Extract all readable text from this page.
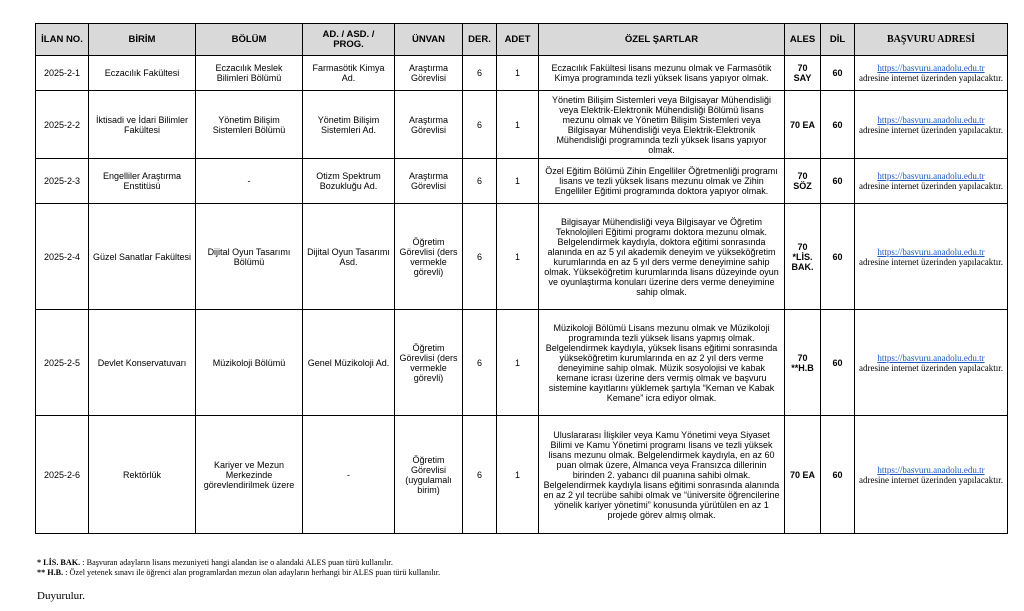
İLAN NO.	BİRİM	BÖLÜM	AD. / ASD. / PROG.	ÜNVAN	DER.	ADET	ÖZEL ŞARTLAR	ALES	DİL	BAŞVURU ADRESİ
2025-2-1	Eczacılık Fakültesi	Eczacılık Meslek Bilimleri Bölümü	Farmasötik Kimya Ad.	Araştırma Görevlisi	6	1	Eczacılık Fakültesi lisans mezunu olmak ve Farmasötik Kimya programında tezli yüksek lisans yapıyor olmak.	70 SAY	60	https://basvuru.anadolu.edu.tr
adresine internet üzerinden yapılacaktır.
2025-2-2	İktisadi ve İdari Bilimler Fakültesi	Yönetim Bilişim Sistemleri Bölümü	Yönetim Bilişim Sistemleri Ad.	Araştırma Görevlisi	6	1	Yönetim Bilişim Sistemleri veya Bilgisayar Mühendisliği veya Elektrik-Elektronik Mühendisliği Bölümü lisans mezunu olmak ve Yönetim Bilişim Sistemleri veya Bilgisayar Mühendisliği veya Elektrik-Elektronik Mühendisliği programında tezli yüksek lisans yapıyor olmak.	70 EA	60	https://basvuru.anadolu.edu.tr
adresine internet üzerinden yapılacaktır.
2025-2-3	Engelliler Araştırma Enstitüsü	-	Otizm Spektrum Bozukluğu Ad.	Araştırma Görevlisi	6	1	Özel Eğitim Bölümü Zihin Engelliler Öğretmenliği programı lisans ve tezli yüksek lisans mezunu olmak ve Zihin Engelliler Eğitimi programında doktora yapıyor olmak.	70 SÖZ	60	https://basvuru.anadolu.edu.tr
adresine internet üzerinden yapılacaktır.
2025-2-4	Güzel Sanatlar Fakültesi	Dijital Oyun Tasarımı Bölümü	Dijital Oyun Tasarımı Asd.	Öğretim Görevlisi (ders vermekle görevli)	6	1	Bilgisayar Mühendisliği veya Bilgisayar ve Öğretim Teknolojileri Eğitimi programı doktora mezunu olmak. Belgelendirmek kaydıyla, doktora eğitimi sonrasında alanında en az 5 yıl akademik deneyim ve yükseköğretim kurumlarında en az 5 yıl ders verme deneyimine sahip olmak. Yükseköğretim kurumlarında lisans düzeyinde oyun ve oyunlaştırma konuları üzerine ders verme deneyimine sahip olmak.	70 *LİS. BAK.	60	https://basvuru.anadolu.edu.tr
adresine internet üzerinden yapılacaktır.
2025-2-5	Devlet Konservatuvarı	Müzikoloji Bölümü	Genel Müzikoloji Ad.	Öğretim Görevlisi (ders vermekle görevli)	6	1	Müzikoloji Bölümü Lisans mezunu olmak ve Müzikoloji programında tezli yüksek lisans yapmış olmak. Belgelendirmek kaydıyla, yüksek lisans eğitimi sonrasında yükseköğretim kurumlarında en az 2 yıl ders verme deneyimine sahip olmak. Müzik sosyolojisi ve kabak kemane icrası üzerine ders vermiş olmak ve başvuru sistemine kayıtlarını yüklemek şartıyla “Keman ve Kabak Kemane” icra ediyor olmak.	70 **H.B	60	https://basvuru.anadolu.edu.tr
adresine internet üzerinden yapılacaktır.
2025-2-6	Rektörlük	Kariyer ve Mezun Merkezinde görevlendirilmek üzere	-	Öğretim Görevlisi (uygulamalı birim)	6	1	Uluslararası İlişkiler veya Kamu Yönetimi veya Siyaset Bilimi ve Kamu Yönetimi programı lisans ve tezli yüksek lisans mezunu olmak. Belgelendirmek kaydıyla, en az 60 puan olmak üzere, Almanca veya Fransızca dillerinin birinden 2. yabancı dil puanına sahibi olmak. Belgelendirmek kaydıyla lisans eğitimi sonrasında alanında en az 2 yıl tecrübe sahibi olmak ve “üniversite öğrencilerine yönelik kariyer yönetimi” konusunda yürütülen en az 1 projede görev almış olmak.	70 EA	60	https://basvuru.anadolu.edu.tr
adresine internet üzerinden yapılacaktır.
* LİS. BAK. : Başvuran adayların lisans mezuniyeti hangi alandan ise o alandaki ALES puan türü kullanılır.
** H.B. : Özel yetenek sınavı ile öğrenci alan programlardan mezun olan adayların herhangi bir ALES puan türü kullanılır.
Duyurulur.
